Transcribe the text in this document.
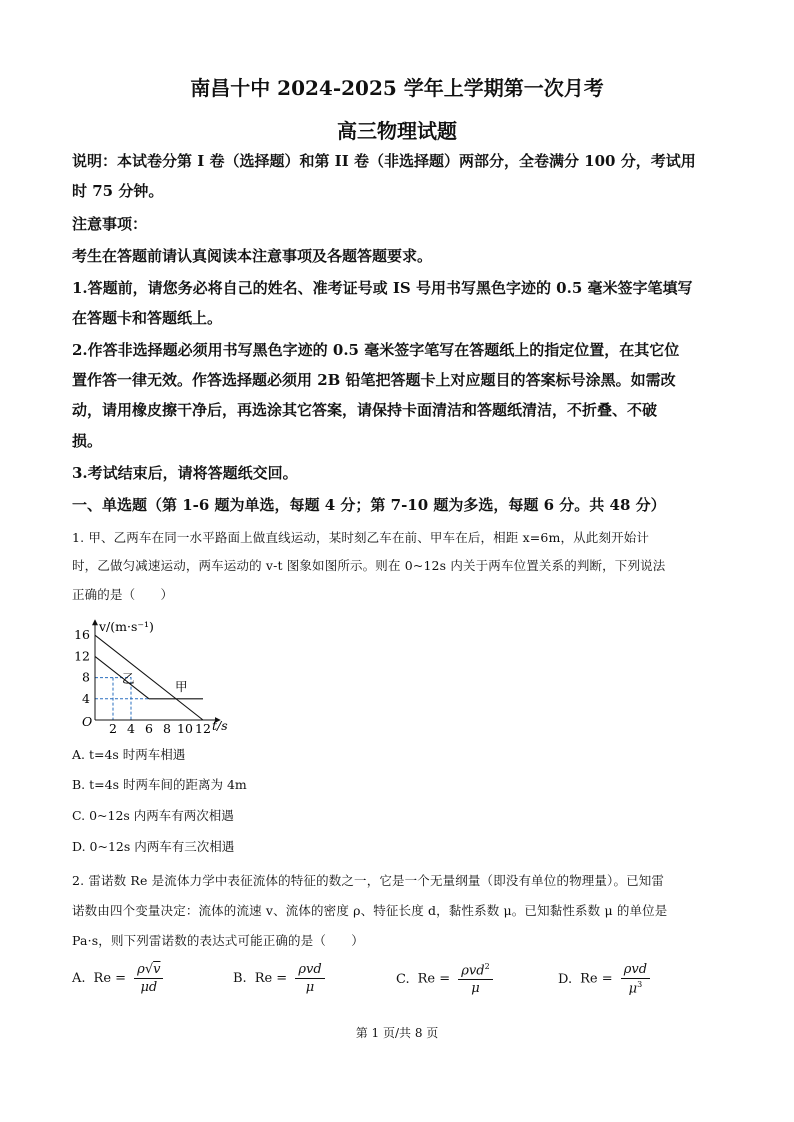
南昌十中 2024-2025 学年上学期第一次月考
高三物理试题
说明：本试卷分第 I 卷（选择题）和第 II 卷（非选择题）两部分，全卷满分 100 分，考试用
时 75 分钟。
注意事项：
考生在答题前请认真阅读本注意事项及各题答题要求。
1.答题前，请您务必将自己的姓名、准考证号或 IS 号用书写黑色字迹的 0.5 毫米签字笔填写
在答题卡和答题纸上。
2.作答非选择题必须用书写黑色字迹的 0.5 毫米签字笔写在答题纸上的指定位置，在其它位
置作答一律无效。作答选择题必须用 2B 铅笔把答题卡上对应题目的答案标号涂黑。如需改
动，请用橡皮擦干净后，再选涂其它答案，请保持卡面清洁和答题纸清洁，不折叠、不破
损。
3.考试结束后，请将答题纸交回。
一、单选题（第 1-6 题为单选，每题 4 分；第 7-10 题为多选，每题 6 分。共 48 分）
1. 甲、乙两车在同一水平路面上做直线运动，某时刻乙车在前、甲车在后，相距 x=6m，从此刻开始计
时，乙做匀减速运动，两车运动的 v-t 图象如图所示。则在 0~12s 内关于两车位置关系的判断，下列说法
正确的是（　　）
2 4 6 8 10 12
4
8
12
16
v/(m·s⁻¹)
t/s
O
甲
乙
A. t=4s 时两车相遇
B. t=4s 时两车间的距离为 4m
C. 0~12s 内两车有两次相遇
D. 0~12s 内两车有三次相遇
2. 雷诺数 Re 是流体力学中表征流体的特征的数之一，它是一个无量纲量（即没有单位的物理量）。已知雷
诺数由四个变量决定：流体的流速 v、流体的密度 ρ、特征长度 d，黏性系数 μ。已知黏性系数 μ 的单位是
Pa·s，则下列雷诺数的表达式可能正确的是（　　）
A. $Re = \frac{\rho√v}{\mu d}$	B. $Re = \frac{\text{ρvd}}{\mu}$	C. $Re = \frac{\rho vd^2}{\mu}$	D. $Re = \frac{\text{ρvd}}{\mu^3}$
第 1 页/共 8 页
